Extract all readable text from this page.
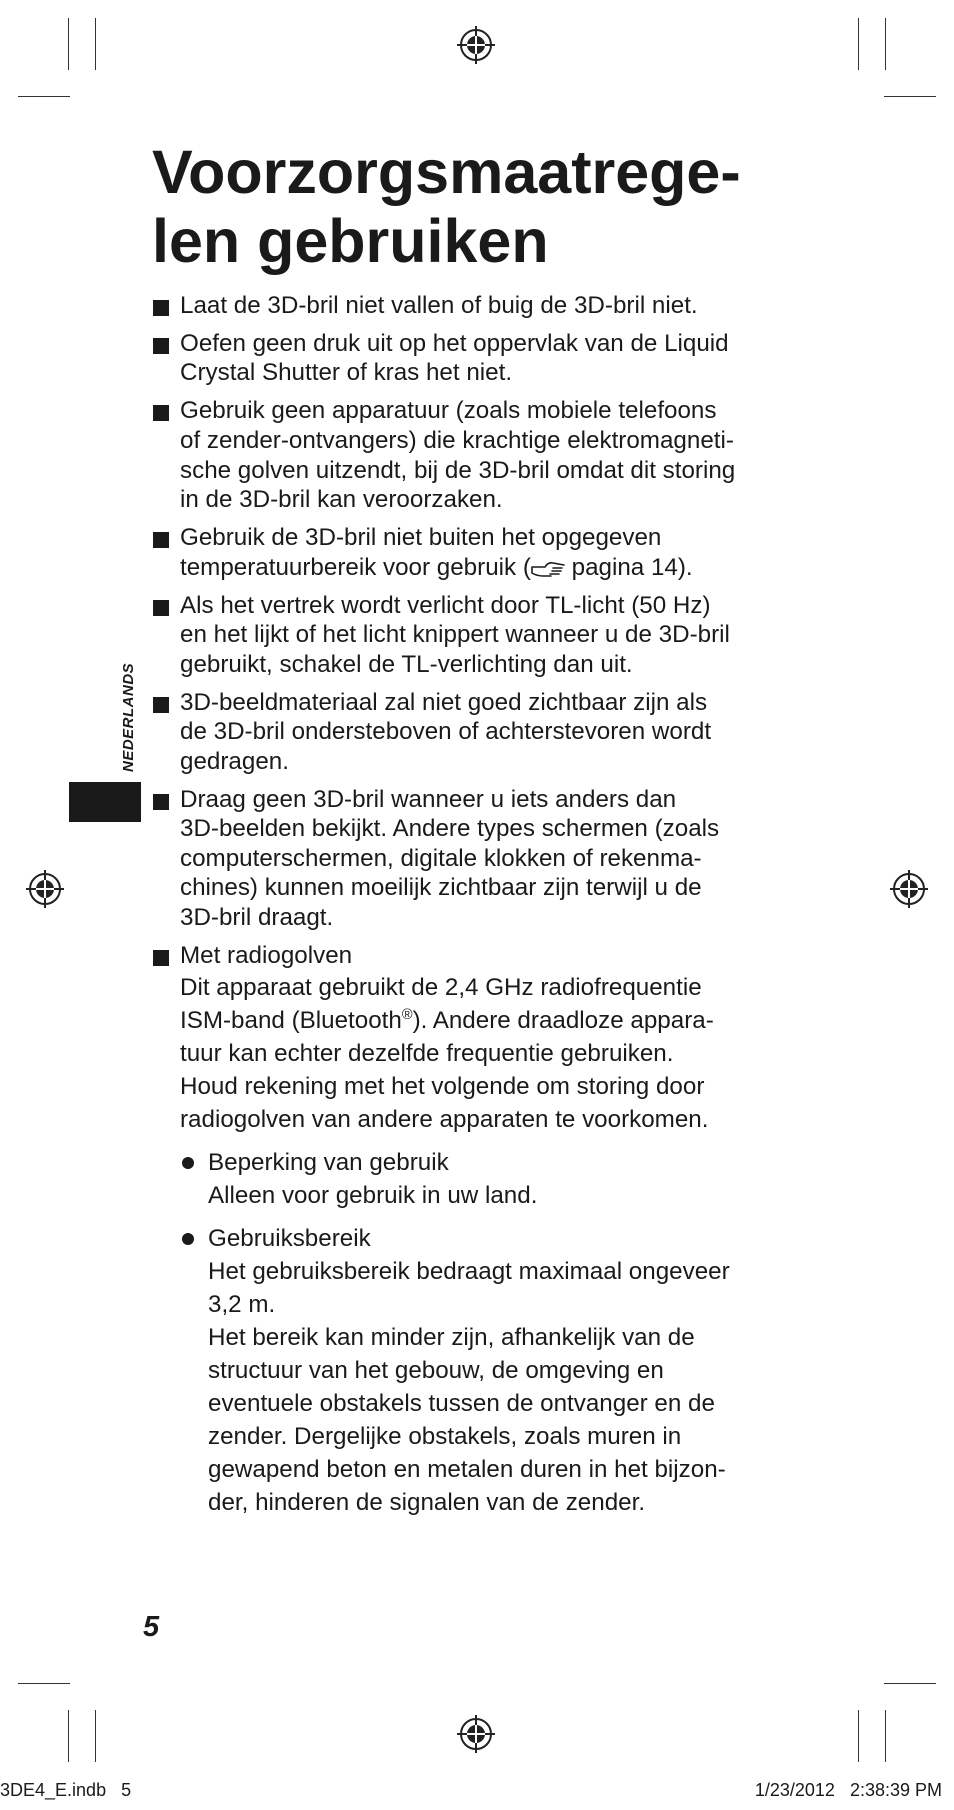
NEDERLANDS
Voorzorgsmaatrege-
len gebruiken

Laat de 3D-bril niet vallen of buig de 3D-bril niet.

Oefen geen druk uit op het oppervlak van de Liquid
Crystal Shutter of kras het niet.

Gebruik geen apparatuur (zoals mobiele telefoons
of zender-ontvangers) die krachtige elektromagneti-
sche golven uitzendt, bij de 3D-bril omdat dit storing
in de 3D-bril kan veroorzaken.

Gebruik de 3D-bril niet buiten het opgegeven
temperatuurbereik voor gebruik ( pagina 14).

Als het vertrek wordt verlicht door TL-licht (50 Hz)
en het lijkt of het licht knippert wanneer u de 3D-bril
gebruikt, schakel de TL-verlichting dan uit.

3D-beeldmateriaal zal niet goed zichtbaar zijn als
de 3D-bril ondersteboven of achterstevoren wordt
gedragen.

Draag geen 3D-bril wanneer u iets anders dan
3D-beelden bekijkt. Andere types schermen (zoals
computerschermen, digitale klokken of rekenma-
chines) kunnen moeilijk zichtbaar zijn terwijl u de
3D-bril draagt.

Met radiogolven

Dit apparaat gebruikt de 2,4 GHz radiofrequentie
ISM-band (Bluetooth®). Andere draadloze appara-
tuur kan echter dezelfde frequentie gebruiken.
Houd rekening met het volgende om storing door
radiogolven van andere apparaten te voorkomen.

Beperking van gebruik
Alleen voor gebruik in uw land.

Gebruiksbereik
Het gebruiksbereik bedraagt maximaal ongeveer
3,2 m.
Het bereik kan minder zijn, afhankelijk van de
structuur van het gebouw, de omgeving en
eventuele obstakels tussen de ontvanger en de
zender. Dergelijke obstakels, zoals muren in
gewapend beton en metalen duren in het bijzon-
der, hinderen de signalen van de zender.

5
3DE4_E.indb   5	1/23/2012   2:38:39 PM
